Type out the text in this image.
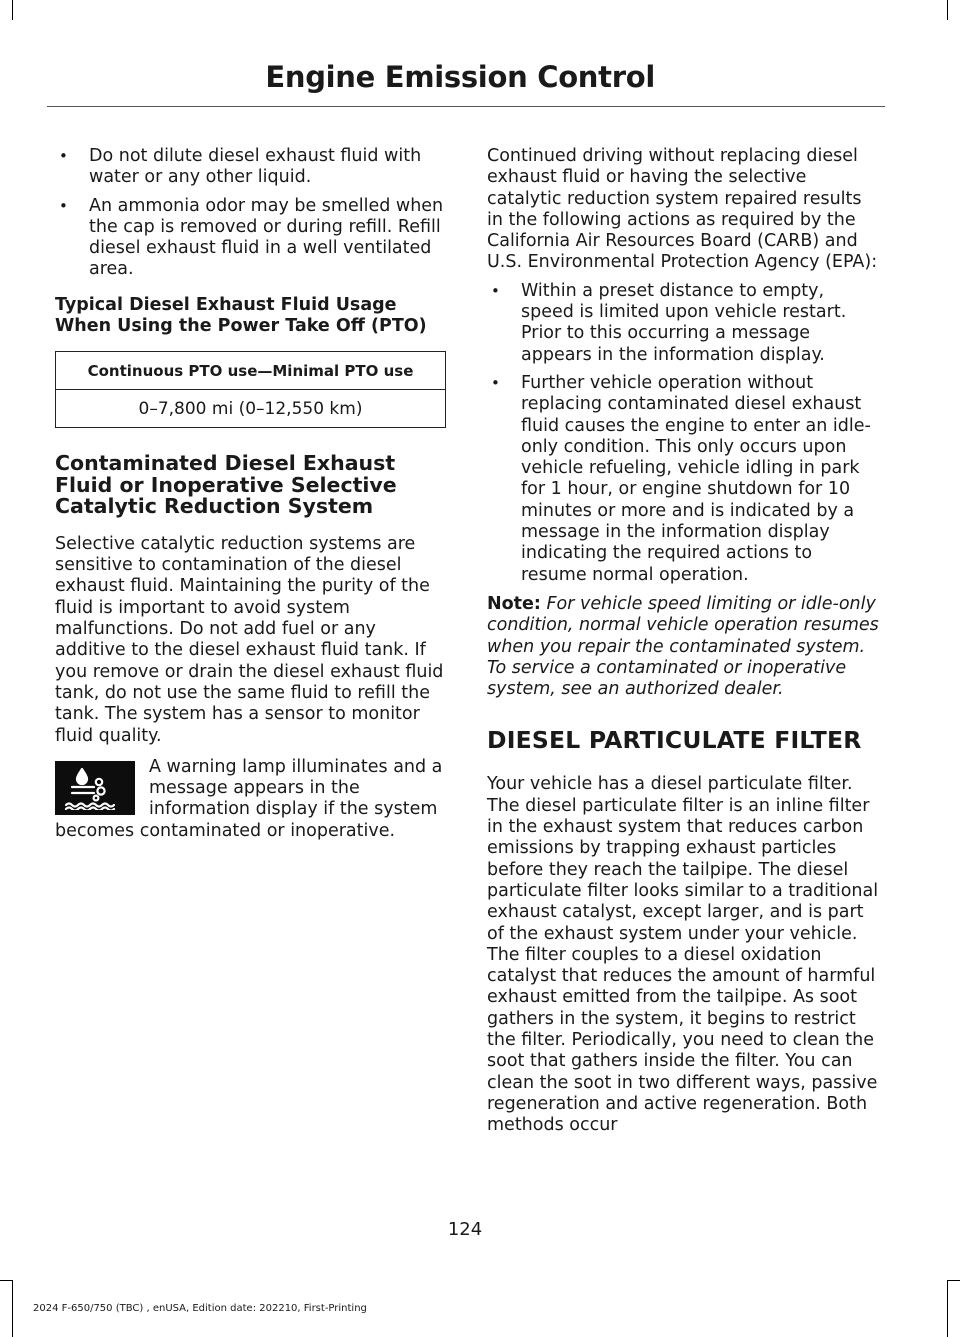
Engine Emission Control
• Do not dilute diesel exhaust fluid with water or any other liquid.
• An ammonia odor may be smelled when the cap is removed or during refill. Refill diesel exhaust fluid in a well ventilated area.
Typical Diesel Exhaust Fluid Usage When Using the Power Take Off (PTO)
Continuous PTO use—Minimal PTO use
0–7,800 mi (0–12,550 km)
Contaminated Diesel Exhaust Fluid or Inoperative Selective Catalytic Reduction System

Selective catalytic reduction systems are sensitive to contamination of the diesel exhaust fluid. Maintaining the purity of the fluid is important to avoid system malfunctions. Do not add fuel or any additive to the diesel exhaust fluid tank. If you remove or drain the diesel exhaust fluid tank, do not use the same fluid to refill the tank. The system has a sensor to monitor fluid quality.

A warning lamp illuminates and a message appears in the information display if the system becomes contaminated or inoperative.

Continued driving without replacing diesel exhaust fluid or having the selective catalytic reduction system repaired results in the following actions as required by the California Air Resources Board (CARB) and U.S. Environmental Protection Agency (EPA):

• Within a preset distance to empty, speed is limited upon vehicle restart. Prior to this occurring a message appears in the information display.
• Further vehicle operation without replacing contaminated diesel exhaust fluid causes the engine to enter an idle-only condition. This only occurs upon vehicle refueling, vehicle idling in park for 1 hour, or engine shutdown for 10 minutes or more and is indicated by a message in the information display indicating the required actions to resume normal operation.

Note: For vehicle speed limiting or idle-only condition, normal vehicle operation resumes when you repair the contaminated system. To service a contaminated or inoperative system, see an authorized dealer.

DIESEL PARTICULATE FILTER

Your vehicle has a diesel particulate filter. The diesel particulate filter is an inline filter in the exhaust system that reduces carbon emissions by trapping exhaust particles before they reach the tailpipe. The diesel particulate filter looks similar to a traditional exhaust catalyst, except larger, and is part of the exhaust system under your vehicle. The filter couples to a diesel oxidation catalyst that reduces the amount of harmful exhaust emitted from the tailpipe. As soot gathers in the system, it begins to restrict the filter. Periodically, you need to clean the soot that gathers inside the filter. You can clean the soot in two different ways, passive regeneration and active regeneration. Both methods occur

124
2024 F-650/750 (TBC) , enUSA, Edition date: 202210, First-Printing
